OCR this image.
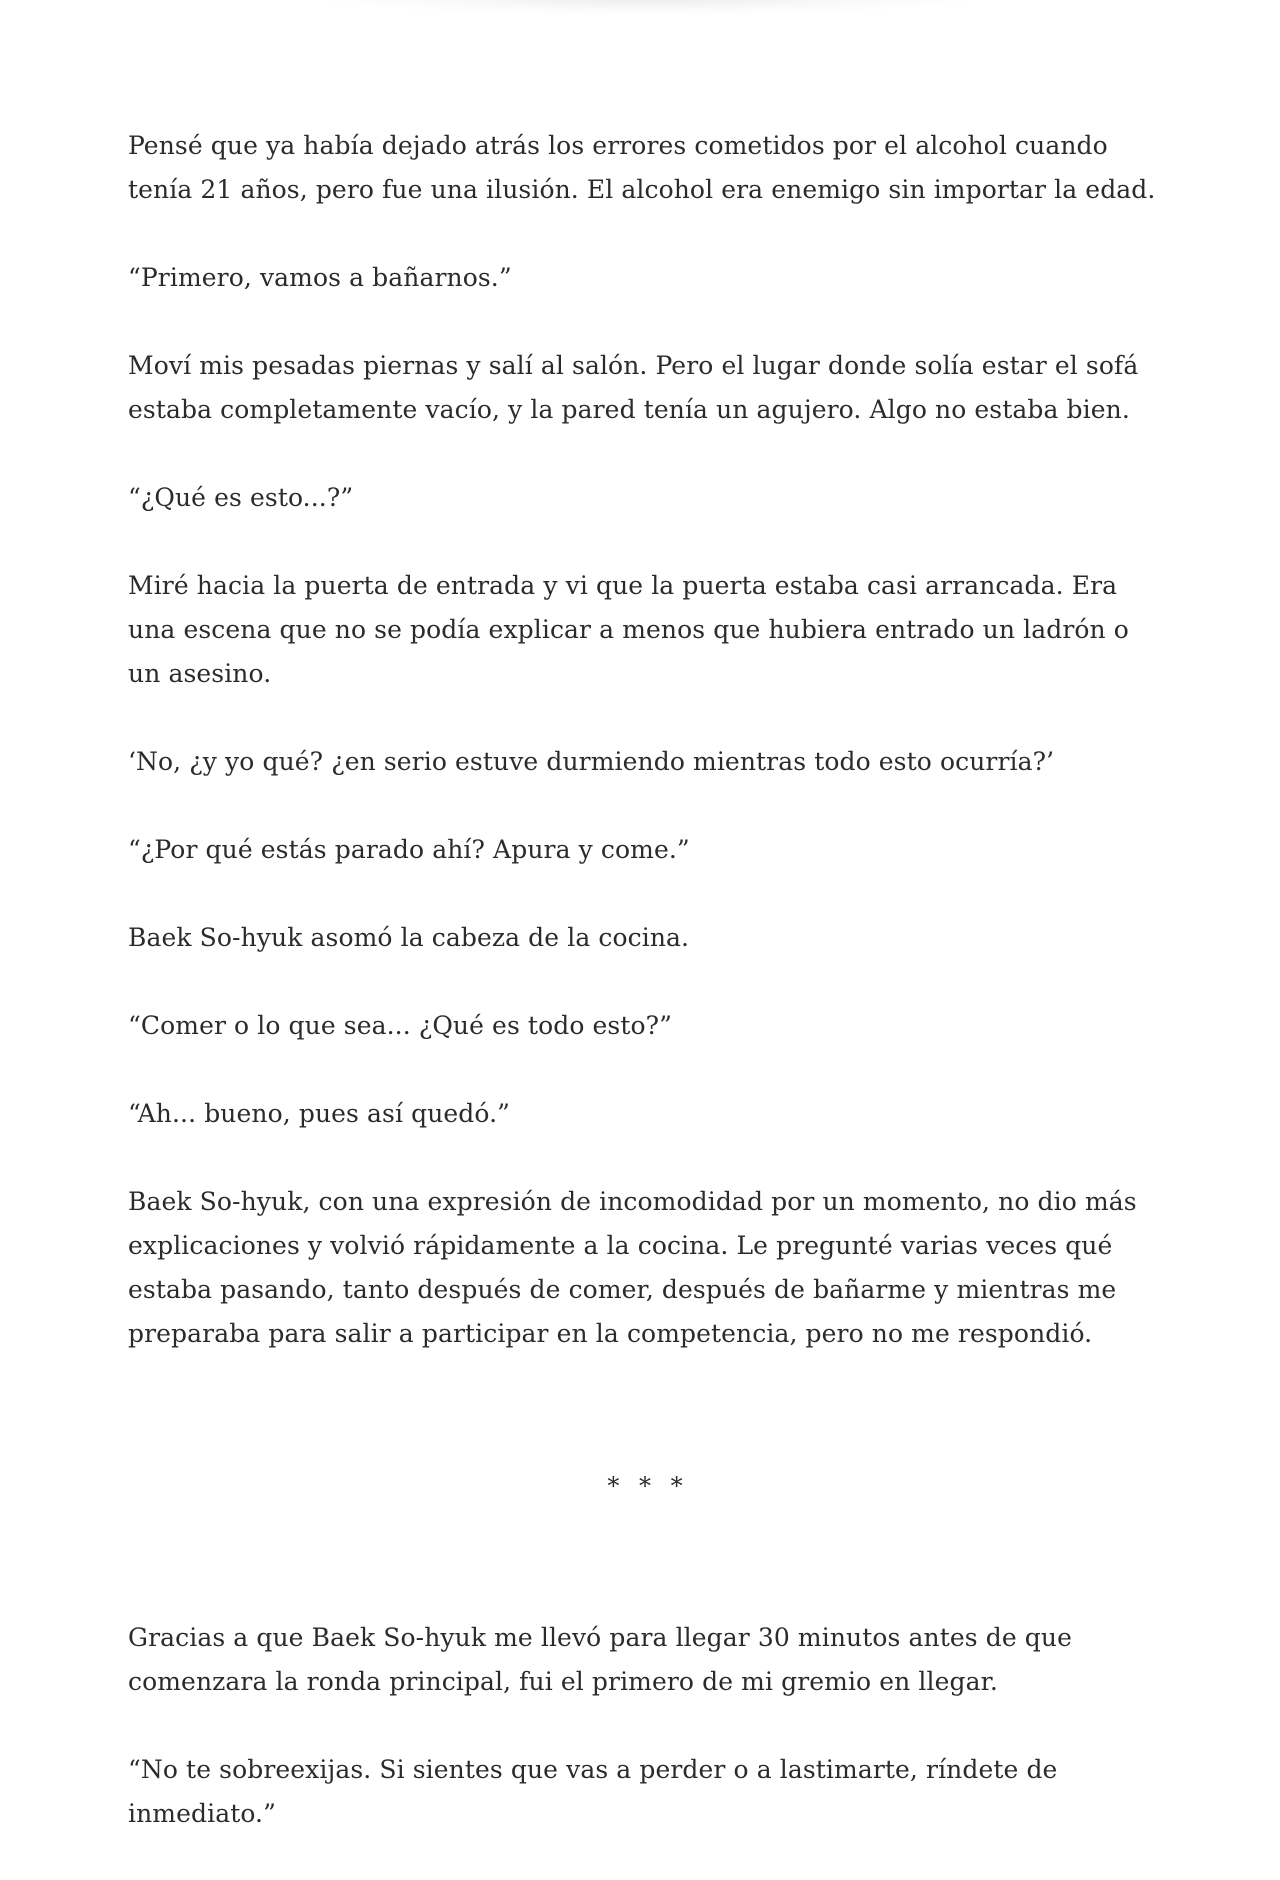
Pensé que ya había dejado atrás los errores cometidos por el alcohol cuando tenía 21 años, pero fue una ilusión. El alcohol era enemigo sin importar la edad.

“Primero, vamos a bañarnos.”

Moví mis pesadas piernas y salí al salón. Pero el lugar donde solía estar el sofá estaba completamente vacío, y la pared tenía un agujero. Algo no estaba bien.

“¿Qué es esto...?”

Miré hacia la puerta de entrada y vi que la puerta estaba casi arrancada. Era una escena que no se podía explicar a menos que hubiera entrado un ladrón o un asesino.

‘No, ¿y yo qué? ¿en serio estuve durmiendo mientras todo esto ocurría?’

“¿Por qué estás parado ahí? Apura y come.”

Baek So-hyuk asomó la cabeza de la cocina.

“Comer o lo que sea... ¿Qué es todo esto?”

“Ah... bueno, pues así quedó.”

Baek So-hyuk, con una expresión de incomodidad por un momento, no dio más explicaciones y volvió rápidamente a la cocina. Le pregunté varias veces qué estaba pasando, tanto después de comer, después de bañarme y mientras me preparaba para salir a participar en la competencia, pero no me respondió.

* * *

Gracias a que Baek So-hyuk me llevó para llegar 30 minutos antes de que comenzara la ronda principal, fui el primero de mi gremio en llegar.

“No te sobreexijas. Si sientes que vas a perder o a lastimarte, ríndete de inmediato.”
